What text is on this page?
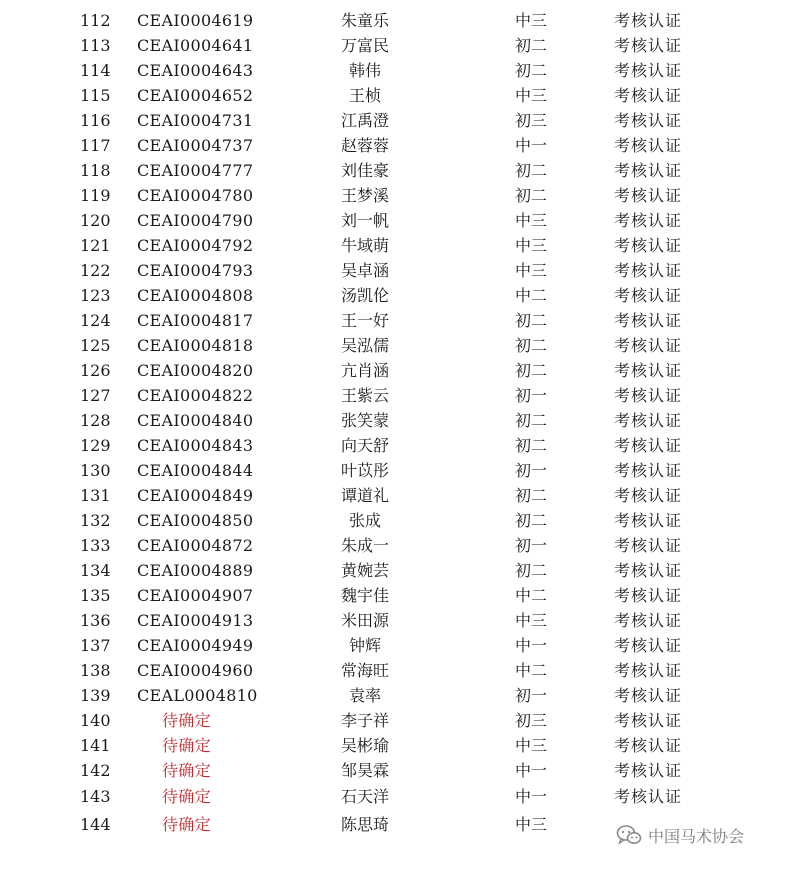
112 CEAI0004619	朱童乐	中三	考核认证
113 CEAI0004641	万富民	初二	考核认证
114 CEAI0004643	韩伟	初二	考核认证
115 CEAI0004652	王桢	中三	考核认证
116 CEAI0004731	江禹澄	初三	考核认证
117 CEAI0004737	赵蓉蓉	中一	考核认证
118 CEAI0004777	刘佳豪	初二	考核认证
119 CEAI0004780	王梦溪	初二	考核认证
120 CEAI0004790	刘一帆	中三	考核认证
121 CEAI0004792	牛域萌	中三	考核认证
122 CEAI0004793	吴卓涵	中三	考核认证
123 CEAI0004808	汤凯伦	中二	考核认证
124 CEAI0004817	王一好	初二	考核认证
125 CEAI0004818	吴泓儒	初二	考核认证
126 CEAI0004820	亢肖涵	初二	考核认证
127 CEAI0004822	王紫云	初一	考核认证
128 CEAI0004840	张笑蒙	初二	考核认证
129 CEAI0004843	向天舒	初二	考核认证
130 CEAI0004844	叶苡彤	初一	考核认证
131 CEAI0004849	谭道礼	初二	考核认证
132 CEAI0004850	张成	初二	考核认证
133 CEAI0004872	朱成一	初一	考核认证
134 CEAI0004889	黄婉芸	初二	考核认证
135 CEAI0004907	魏宇佳	中二	考核认证
136 CEAI0004913	米田源	中三	考核认证
137 CEAI0004949	钟辉	中一	考核认证
138 CEAI0004960	常海旺	中二	考核认证
139 CEAL0004810	袁率	初一	考核认证
140	待确定	李子祥	初三	考核认证
141	待确定	吴彬瑜	中三	考核认证
142	待确定	邹昊霖	中一	考核认证
143	待确定	石天洋	中一	考核认证
144	待确定	陈思琦	中三
中国马术协会
